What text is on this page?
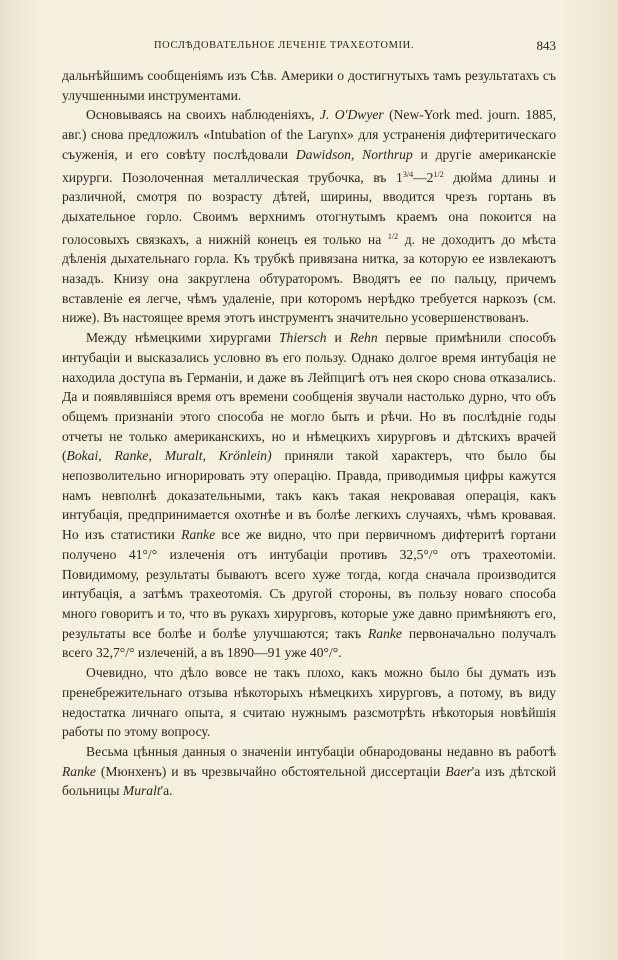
ПОСЛѢДОВАТЕЛЬНОЕ ЛЕЧЕНІЕ ТРАХЕОТОМІИ.	843

дальнѣйшимъ сообщеніямъ изъ Сѣв. Америки о достигнутыхъ тамъ результатахъ съ улучшенными инструментами.

Основываясь на своихъ наблюденіяхъ, J. O'Dwyer (New-York med. journ. 1885, авг.) снова предложилъ «Intubation of the Larynx» для устраненія дифтеритическаго съуженія, и его совѣту послѣдовали Dawidson, Northrup и другіе американскіе хирурги. Позолоченная металлическая трубочка, въ $1^{3/4}—2^{1/2}$ дюйма длины и различной, смотря по возрасту дѣтей, ширины, вводится чрезъ гортань въ дыхательное горло. Своимъ верхнимъ отогнутымъ краемъ она покоится на голосовыхъ связкахъ, а нижній конецъ ея только на $^{1/2}$ д. не доходитъ до мѣста дѣленія дыхательнаго горла. Къ трубкѣ привязана нитка, за которую ее извлекаютъ назадъ. Книзу она закруглена обтураторомъ. Вводятъ ее по пальцу, причемъ вставленіе ея легче, чѣмъ удаленіе, при которомъ нерѣдко требуется наркозъ (см. ниже). Въ настоящее время этотъ инструментъ значительно усовершенствованъ.

Между нѣмецкими хирургами Thiersch и Rehn первые примѣнили способъ интубаціи и высказались условно въ его пользу. Однако долгое время интубація не находила доступа въ Германіи, и даже въ Лейпцигѣ отъ нея скоро снова отказались. Да и появлявшіяся время отъ времени сообщенія звучали настолько дурно, что объ общемъ признаніи этого способа не могло быть и рѣчи. Но въ послѣдніе годы отчеты не только американскихъ, но и нѣмецкихъ хирурговъ и дѣтскихъ врачей (Bokai, Ranke, Muralt, Krönlein) приняли такой характеръ, что было бы непозволительно игнорировать эту операцію. Правда, приводимыя цифры кажутся намъ невполнѣ доказательными, такъ какъ такая некровавая операція, какъ интубація, предпринимается охотнѣе и въ болѣе легкихъ случаяхъ, чѣмъ кровавая. Но изъ статистики Ranke все же видно, что при первичномъ дифтеритѣ гортани получено 41°/° излеченія отъ интубаціи противъ 32,5°/° отъ трахеотоміи. Повидимому, результаты бываютъ всего хуже тогда, когда сначала производится интубація, а затѣмъ трахеотомія. Съ другой стороны, въ пользу новаго способа много говоритъ и то, что въ рукахъ хирурговъ, которые уже давно примѣняютъ его, результаты все болѣе и болѣе улучшаются; такъ Ranke первоначально получалъ всего 32,7°/° излеченій, а въ 1890—91 уже 40°/°.

Очевидно, что дѣло вовсе не такъ плохо, какъ можно было бы думать изъ пренебрежительнаго отзыва нѣкоторыхъ нѣмецкихъ хирурговъ, а потому, въ виду недостатка личнаго опыта, я считаю нужнымъ разсмотрѣть нѣкоторыя новѣйшія работы по этому вопросу.

Весьма цѣнныя данныя о значеніи интубаціи обнародованы недавно въ работѣ Ranke (Мюнхенъ) и въ чрезвычайно обстоятельной диссертаціи Baer'а изъ дѣтской больницы Muralt'а.
